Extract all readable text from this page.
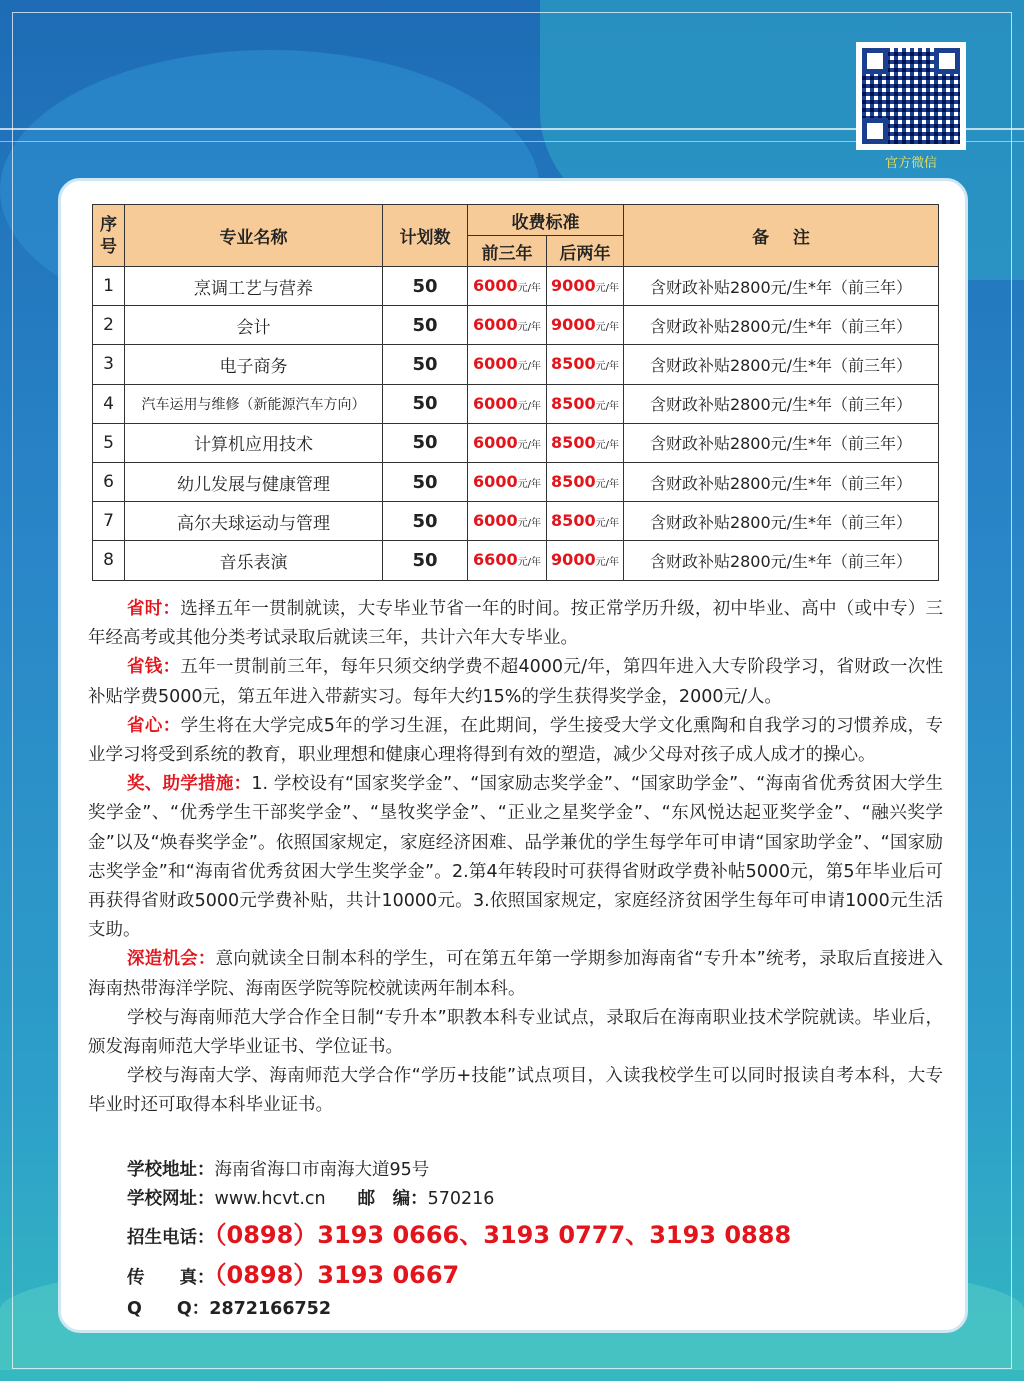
官方微信
序号	专业名称	计划数	收费标准		备    注
			前三年	后两年	
1	烹调工艺与营养	50	6000元/年	9000元/年	含财政补贴2800元/生*年（前三年）
2	会计	50	6000元/年	9000元/年	含财政补贴2800元/生*年（前三年）
3	电子商务	50	6000元/年	8500元/年	含财政补贴2800元/生*年（前三年）
4	汽车运用与维修（新能源汽车方向）	50	6000元/年	8500元/年	含财政补贴2800元/生*年（前三年）
5	计算机应用技术	50	6000元/年	8500元/年	含财政补贴2800元/生*年（前三年）
6	幼儿发展与健康管理	50	6000元/年	8500元/年	含财政补贴2800元/生*年（前三年）
7	高尔夫球运动与管理	50	6000元/年	8500元/年	含财政补贴2800元/生*年（前三年）
8	音乐表演	50	6600元/年	9000元/年	含财政补贴2800元/生*年（前三年）

省时：选择五年一贯制就读，大专毕业节省一年的时间。按正常学历升级，初中毕业、高中（或中专）三年经高考或其他分类考试录取后就读三年，共计六年大专毕业。

省钱：五年一贯制前三年，每年只须交纳学费不超4000元/年，第四年进入大专阶段学习，省财政一次性补贴学费5000元，第五年进入带薪实习。每年大约15%的学生获得奖学金，2000元/人。

省心：学生将在大学完成5年的学习生涯，在此期间，学生接受大学文化熏陶和自我学习的习惯养成，专业学习将受到系统的教育，职业理想和健康心理将得到有效的塑造，减少父母对孩子成人成才的操心。

奖、助学措施：1. 学校设有“国家奖学金”、“国家励志奖学金”、“国家助学金”、“海南省优秀贫困大学生奖学金”、“优秀学生干部奖学金”、“垦牧奖学金”、“正业之星奖学金”、“东风悦达起亚奖学金”、“融兴奖学金”以及“焕春奖学金”。依照国家规定，家庭经济困难、品学兼优的学生每学年可申请“国家助学金”、“国家励志奖学金”和“海南省优秀贫困大学生奖学金”。2.第4年转段时可获得省财政学费补帖5000元，第5年毕业后可再获得省财政5000元学费补贴，共计10000元。3.依照国家规定，家庭经济贫困学生每年可申请1000元生活支助。

深造机会：意向就读全日制本科的学生，可在第五年第一学期参加海南省“专升本”统考，录取后直接进入海南热带海洋学院、海南医学院等院校就读两年制本科。

学校与海南师范大学合作全日制“专升本”职教本科专业试点，录取后在海南职业技术学院就读。毕业后，颁发海南师范大学毕业证书、学位证书。

学校与海南大学、海南师范大学合作“学历+技能”试点项目，入读我校学生可以同时报读自考本科，大专毕业时还可取得本科毕业证书。

学校地址：海南省海口市南海大道95号
学校网址：www.hcvt.cn 邮　编：570216
招生电话：（0898）3193 0666、3193 0777、3193 0888
传　　真：（0898）3193 0667
Q　　Q：2872166752
